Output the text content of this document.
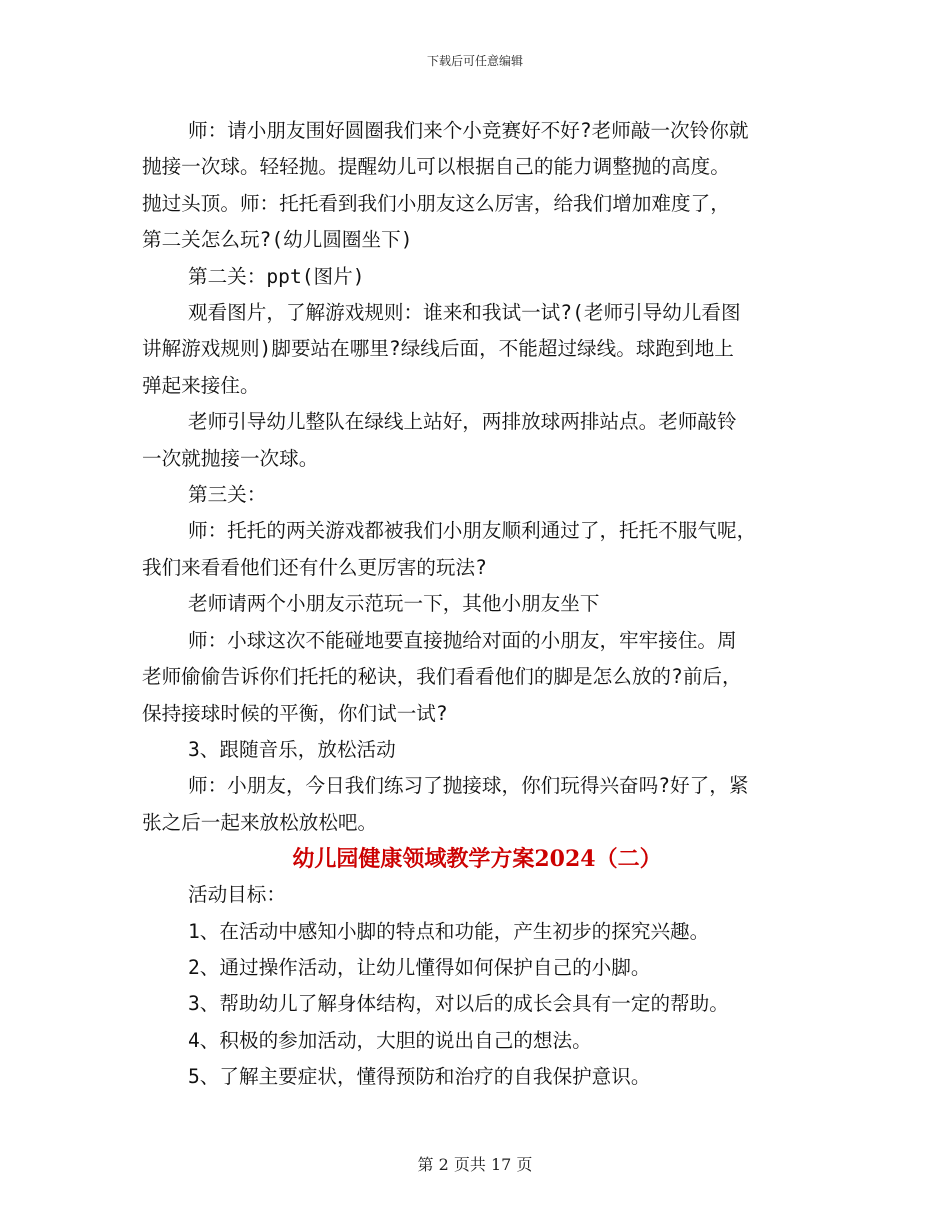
下载后可任意编辑

师：请小朋友围好圆圈我们来个小竞赛好不好?老师敲一次铃你就

抛接一次球。轻轻抛。提醒幼儿可以根据自己的能力调整抛的高度。

抛过头顶。师：托托看到我们小朋友这么厉害，给我们增加难度了，

第二关怎么玩?(幼儿圆圈坐下)

第二关：ppt(图片)

观看图片，了解游戏规则：谁来和我试一试?(老师引导幼儿看图

讲解游戏规则)脚要站在哪里?绿线后面，不能超过绿线。球跑到地上

弹起来接住。

老师引导幼儿整队在绿线上站好，两排放球两排站点。老师敲铃

一次就抛接一次球。

第三关：

师：托托的两关游戏都被我们小朋友顺利通过了，托托不服气呢，

我们来看看他们还有什么更厉害的玩法?

老师请两个小朋友示范玩一下，其他小朋友坐下

师：小球这次不能碰地要直接抛给对面的小朋友，牢牢接住。周

老师偷偷告诉你们托托的秘诀，我们看看他们的脚是怎么放的?前后，

保持接球时候的平衡，你们试一试?

3、跟随音乐，放松活动

师：小朋友，今日我们练习了抛接球，你们玩得兴奋吗?好了，紧

张之后一起来放松放松吧。

幼儿园健康领域教学方案2024（二）

活动目标：

1、在活动中感知小脚的特点和功能，产生初步的探究兴趣。

2、通过操作活动，让幼儿懂得如何保护自己的小脚。

3、帮助幼儿了解身体结构，对以后的成长会具有一定的帮助。

4、积极的参加活动，大胆的说出自己的想法。

5、了解主要症状，懂得预防和治疗的自我保护意识。

第 2 页共 17 页
